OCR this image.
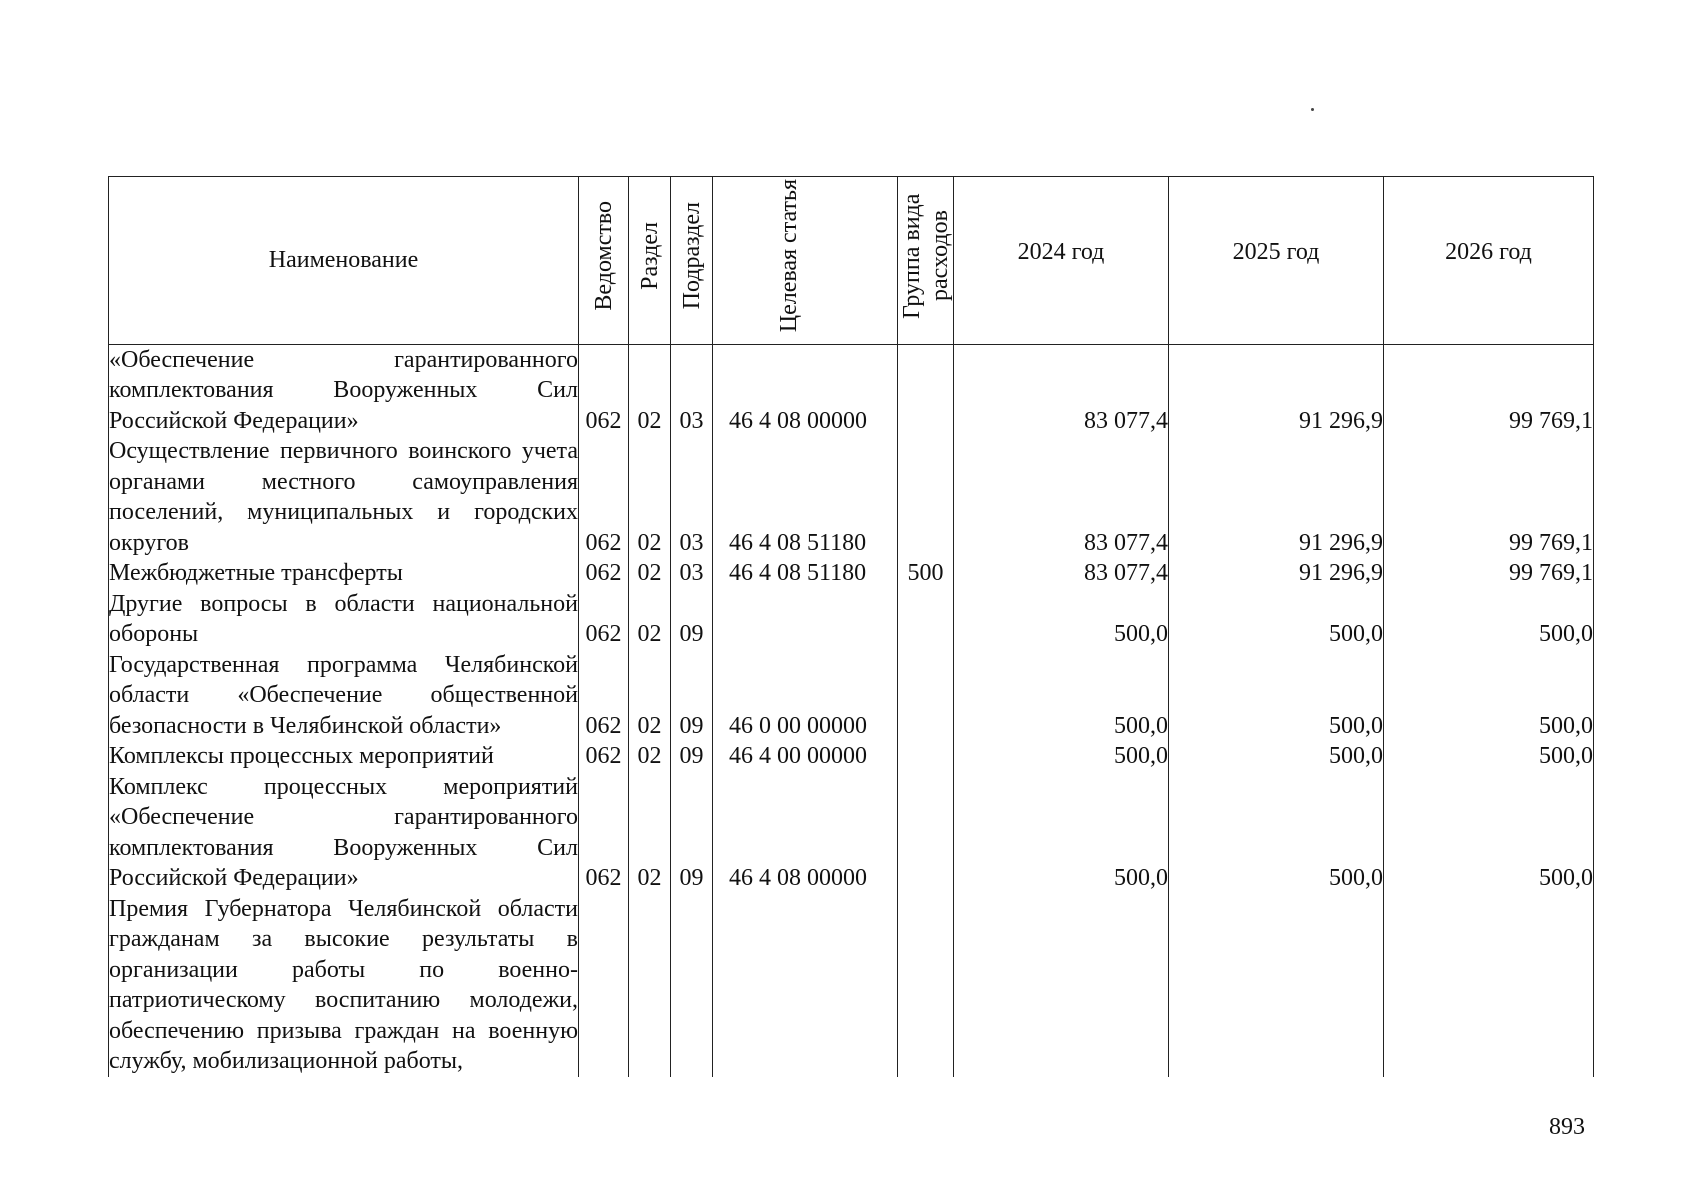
Наименование	Ведомство	Раздел	Подраздел	Целевая статья	Группа вида расходов	2024 год	2025 год	2026 год
«Обеспечение гарантированного комплектования Вооруженных Сил Российской Федерации»	062	02	03	46 4 08 00000		83 077,4	91 296,9	99 769,1
Осуществление первичного воинского учета органами местного самоуправления поселений, муниципальных и городских округов	062	02	03	46 4 08 51180		83 077,4	91 296,9	99 769,1
Межбюджетные трансферты	062	02	03	46 4 08 51180	500	83 077,4	91 296,9	99 769,1
Другие вопросы в области национальной обороны	062	02	09			500,0	500,0	500,0
Государственная программа Челябинской области «Обеспечение общественной безопасности в Челябинской области»	062	02	09	46 0 00 00000		500,0	500,0	500,0
Комплексы процессных мероприятий	062	02	09	46 4 00 00000		500,0	500,0	500,0
Комплекс процессных мероприятий «Обеспечение гарантированного комплектования Вооруженных Сил Российской Федерации»	062	02	09	46 4 08 00000		500,0	500,0	500,0
Премия Губернатора Челябинской области гражданам за высокие результаты в организации работы по военно-патриотическому воспитанию молодежи, обеспечению призыва граждан на военную службу, мобилизационной работы,								
893
